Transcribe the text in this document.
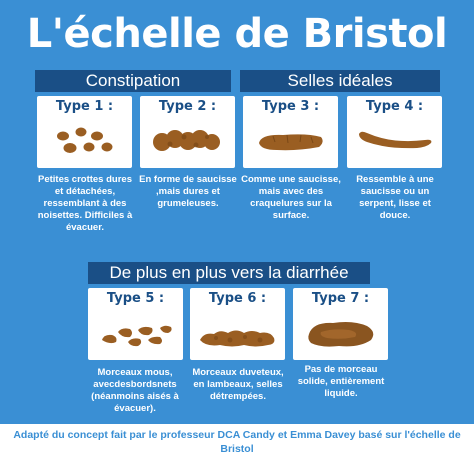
L'échelle de Bristol
Constipation	Selles idéales
De plus en plus vers la diarrhée
Type 1 :	Type 2 :	Type 3 :	Type 4 :
Petites crottes dures et détachées, ressemblant à des noisettes. Difficiles à évacuer.
En forme de saucisse ,mais dures et grumeleuses.
Comme une saucisse, mais avec des craquelures sur la surface.
Ressemble à une saucisse ou un serpent, lisse et douce.
Type 5 :	Type 6 :	Type 7 :
Morceaux mous, avecdesbordsnets (néanmoins aisés à évacuer).
Morceaux duveteux, en lambeaux, selles détrempées.
Pas de morceau solide, entièrement liquide.
Adapté du concept fait par le professeur DCA Candy et Emma Davey basé sur l'échelle de Bristol
